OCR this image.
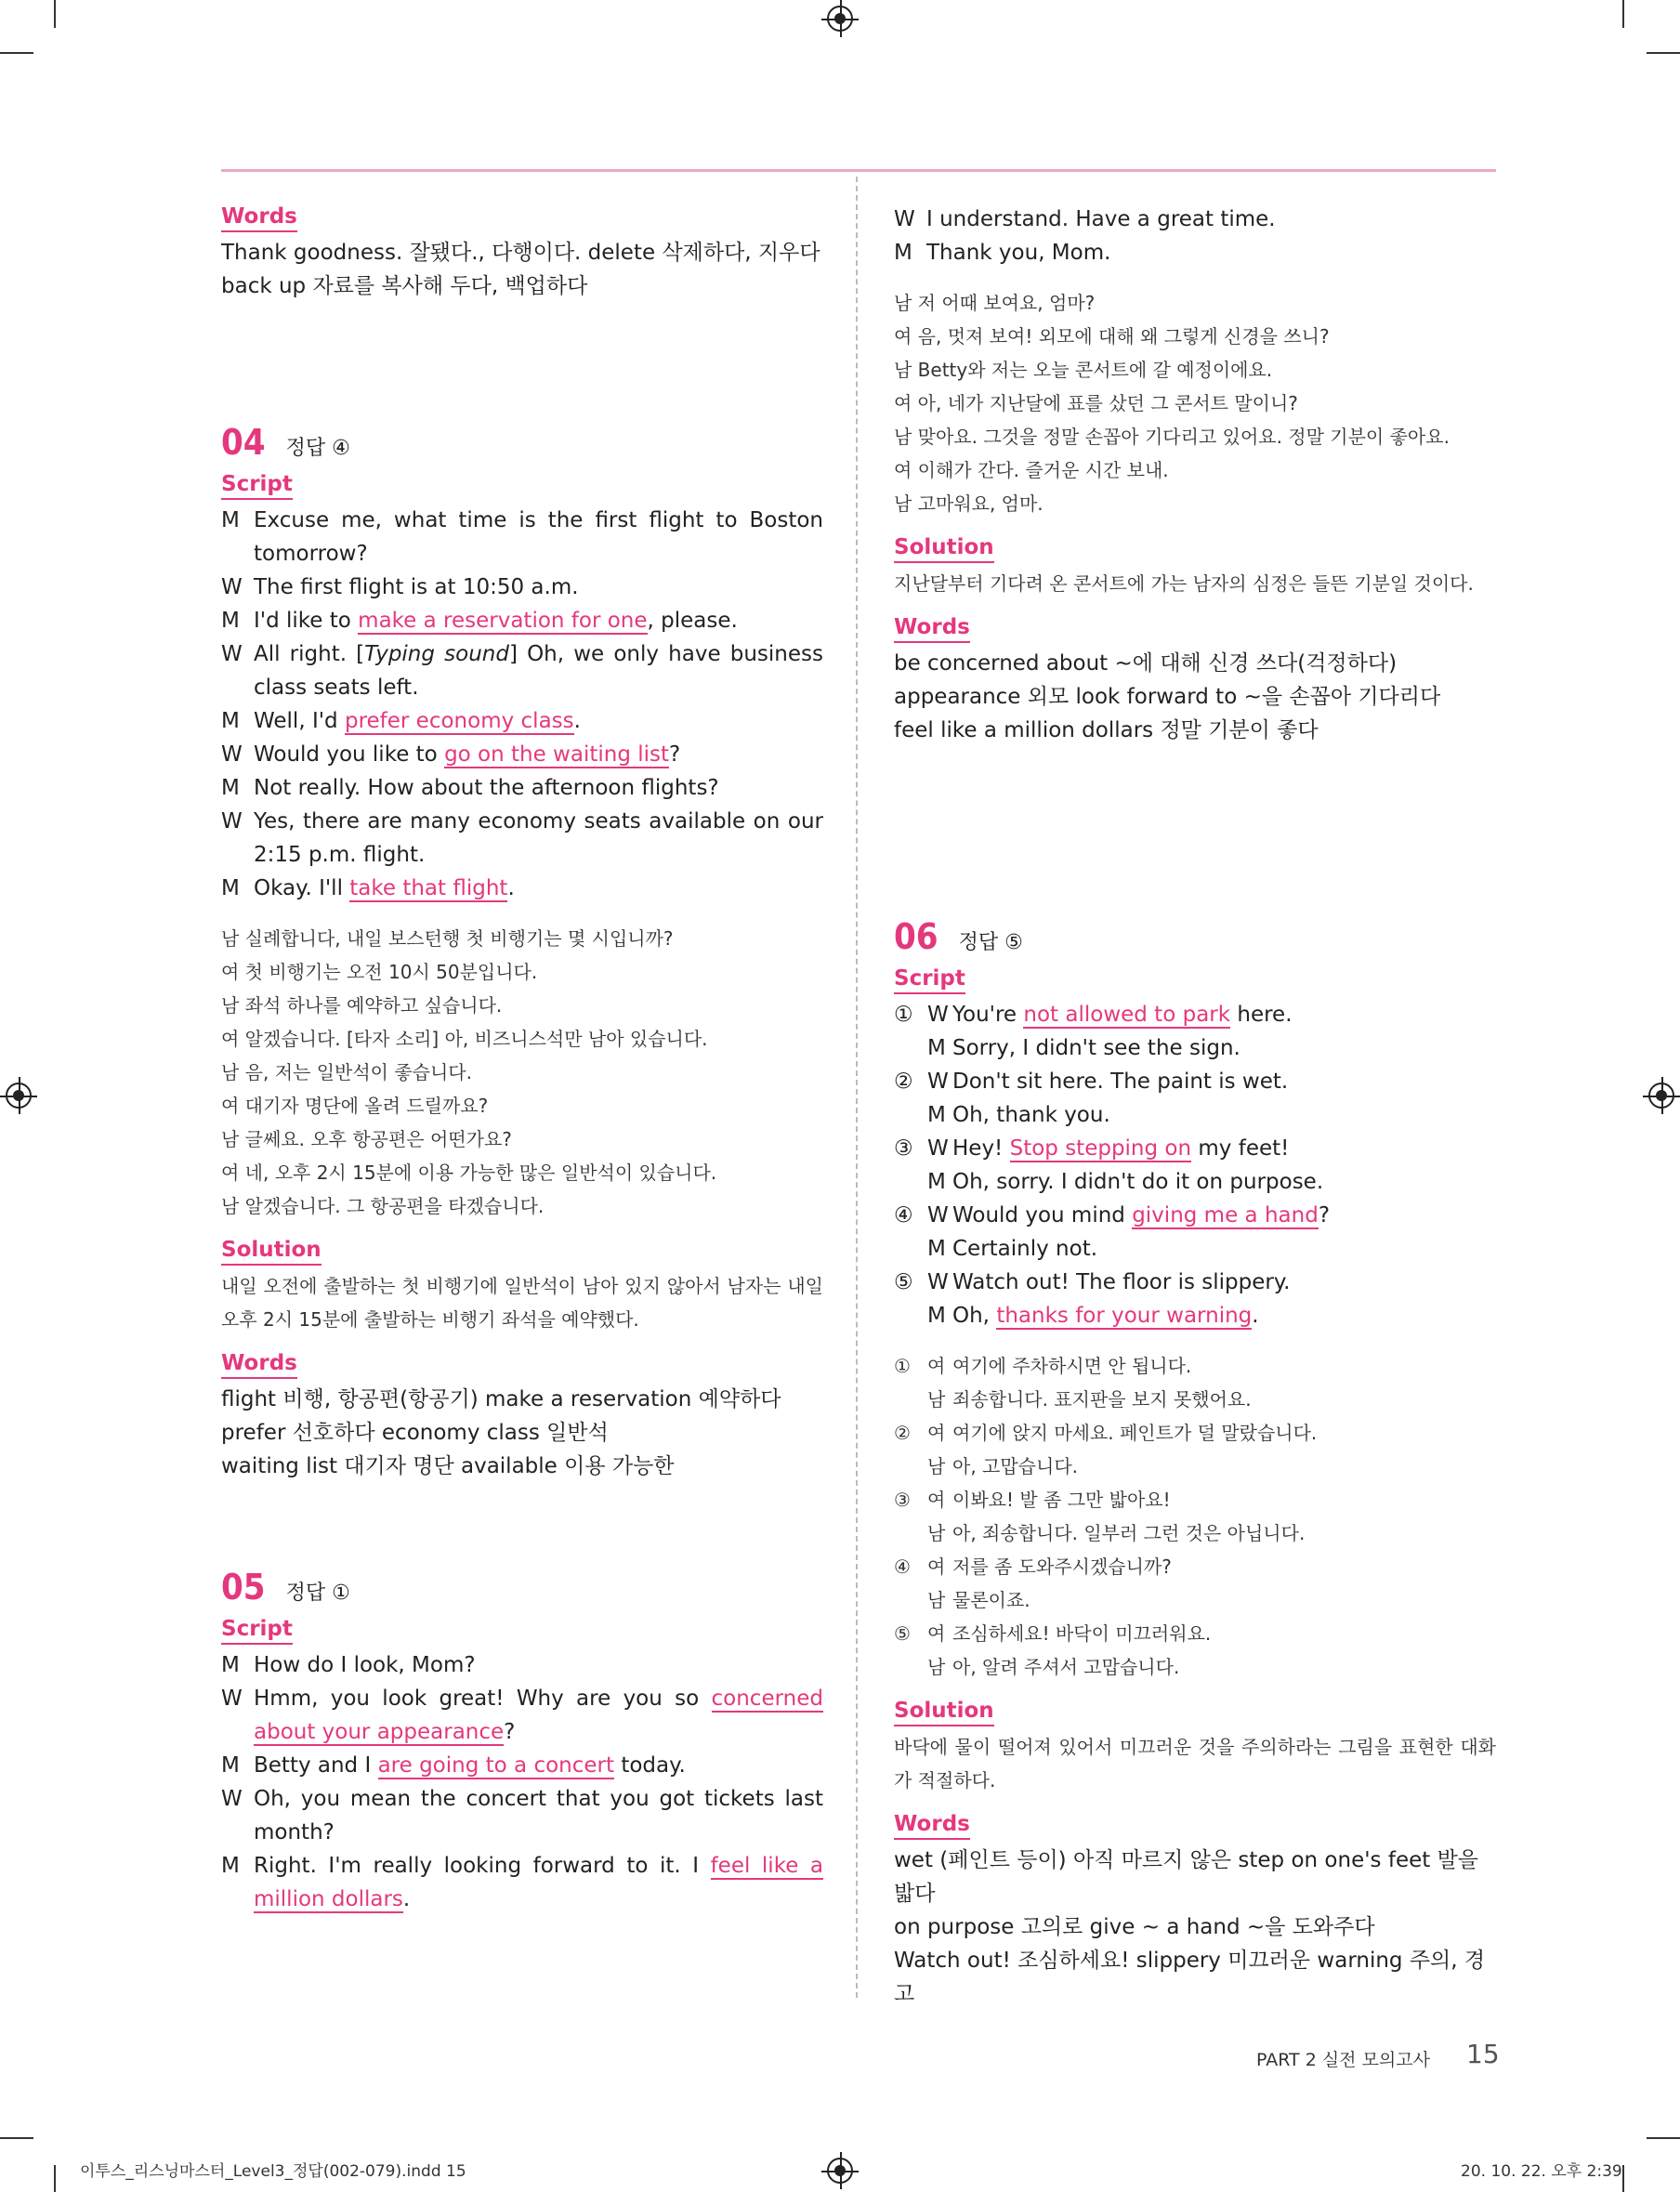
Words
Thank goodness. 잘됐다., 다행이다. delete 삭제하다, 지우다
back up 자료를 복사해 두다, 백업하다
04 정답 ④
Script
M Excuse me, what time is the first flight to Boston tomorrow?
W The first flight is at 10:50 a.m.
M I'd like to make a reservation for one, please.
W All right. [Typing sound] Oh, we only have business class seats left.
M Well, I'd prefer economy class.
W Would you like to go on the waiting list?
M Not really. How about the afternoon flights?
W Yes, there are many economy seats available on our 2:15 p.m. flight.
M Okay. I'll take that flight.
남 실례합니다, 내일 보스턴행 첫 비행기는 몇 시입니까?
여 첫 비행기는 오전 10시 50분입니다.
남 좌석 하나를 예약하고 싶습니다.
여 알겠습니다. [타자 소리] 아, 비즈니스석만 남아 있습니다.
남 음, 저는 일반석이 좋습니다.
여 대기자 명단에 올려 드릴까요?
남 글쎄요. 오후 항공편은 어떤가요?
여 네, 오후 2시 15분에 이용 가능한 많은 일반석이 있습니다.
남 알겠습니다. 그 항공편을 타겠습니다.
Solution
내일 오전에 출발하는 첫 비행기에 일반석이 남아 있지 않아서 남자는 내일 오후 2시 15분에 출발하는 비행기 좌석을 예약했다.
Words
flight 비행, 항공편(항공기) make a reservation 예약하다
prefer 선호하다 economy class 일반석
waiting list 대기자 명단 available 이용 가능한
05 정답 ①
Script
M How do I look, Mom?
W Hmm, you look great! Why are you so concerned about your appearance?
M Betty and I are going to a concert today.
W Oh, you mean the concert that you got tickets last month?
M Right. I'm really looking forward to it. I feel like a million dollars.
W I understand. Have a great time.
M Thank you, Mom.
남 저 어때 보여요, 엄마?
여 음, 멋져 보여! 외모에 대해 왜 그렇게 신경을 쓰니?
남 Betty와 저는 오늘 콘서트에 갈 예정이에요.
여 아, 네가 지난달에 표를 샀던 그 콘서트 말이니?
남 맞아요. 그것을 정말 손꼽아 기다리고 있어요. 정말 기분이 좋아요.
여 이해가 간다. 즐거운 시간 보내.
남 고마워요, 엄마.
Solution
지난달부터 기다려 온 콘서트에 가는 남자의 심정은 들뜬 기분일 것이다.
Words
be concerned about ~에 대해 신경 쓰다(걱정하다)
appearance 외모 look forward to ~을 손꼽아 기다리다
feel like a million dollars 정말 기분이 좋다
06 정답 ⑤
Script
① W You're not allowed to park here.
M Sorry, I didn't see the sign.
② W Don't sit here. The paint is wet.
M Oh, thank you.
③ W Hey! Stop stepping on my feet!
M Oh, sorry. I didn't do it on purpose.
④ W Would you mind giving me a hand?
M Certainly not.
⑤ W Watch out! The floor is slippery.
M Oh, thanks for your warning.
① 여 여기에 주차하시면 안 됩니다.
남 죄송합니다. 표지판을 보지 못했어요.
② 여 여기에 앉지 마세요. 페인트가 덜 말랐습니다.
남 아, 고맙습니다.
③ 여 이봐요! 발 좀 그만 밟아요!
남 아, 죄송합니다. 일부러 그런 것은 아닙니다.
④ 여 저를 좀 도와주시겠습니까?
남 물론이죠.
⑤ 여 조심하세요! 바닥이 미끄러워요.
남 아, 알려 주셔서 고맙습니다.
Solution
바닥에 물이 떨어져 있어서 미끄러운 것을 주의하라는 그림을 표현한 대화가 적절하다.
Words
wet (페인트 등이) 아직 마르지 않은 step on one's feet 발을 밟다
on purpose 고의로 give ~ a hand ~을 도와주다
Watch out! 조심하세요! slippery 미끄러운 warning 주의, 경고
PART 2 실전 모의고사 15
이투스_리스닝마스터_Level3_정답(002-079).indd 15	20. 10. 22. 오후 2:39
